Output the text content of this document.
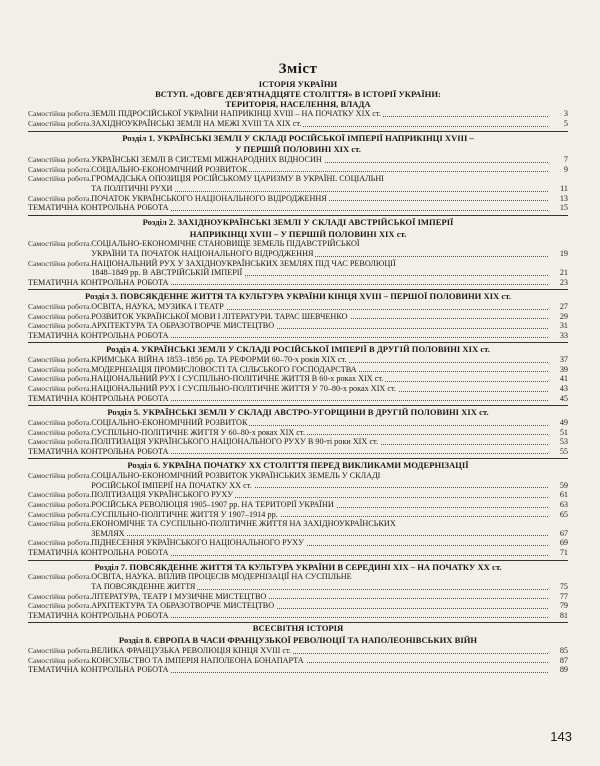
Зміст
ІСТОРІЯ УКРАЇНИ
ВСТУП. «ДОВГЕ ДЕВ'ЯТНАДЦЯТЕ СТОЛІТТЯ» В ІСТОРІЇ УКРАЇНИ:
ТЕРИТОРІЯ, НАСЕЛЕННЯ, ВЛАДА
Самостійна робота. ЗЕМЛІ ПІДРОСІЙСЬКОЇ УКРАЇНИ НАПРИКІНЦІ XVIII – НА ПОЧАТКУ XIX ст.	3
Самостійна робота. ЗАХІДНОУКРАЇНСЬКІ ЗЕМЛІ НА МЕЖІ XVIII ТА XIX ст.	5
Розділ 1. УКРАЇНСЬКІ ЗЕМЛІ У СКЛАДІ РОСІЙСЬКОЇ ІМПЕРІЇ НАПРИКІНЦІ XVIII –
У ПЕРШІЙ ПОЛОВИНІ XIX ст.
Самостійна робота. УКРАЇНСЬКІ ЗЕМЛІ В СИСТЕМІ МІЖНАРОДНИХ ВІДНОСИН	7
Самостійна робота. СОЦІАЛЬНО-ЕКОНОМІЧНИЙ РОЗВИТОК	9
Самостійна робота. ГРОМАДСЬКА ОПОЗИЦІЯ РОСІЙСЬКОМУ ЦАРИЗМУ В УКРАЇНІ. СОЦІАЛЬНІ
ТА ПОЛІТИЧНІ РУХИ	11
Самостійна робота. ПОЧАТОК УКРАЇНСЬКОГО НАЦІОНАЛЬНОГО ВІДРОДЖЕННЯ	13
ТЕМАТИЧНА КОНТРОЛЬНА РОБОТА	15
Розділ 2. ЗАХІДНОУКРАЇНСЬКІ ЗЕМЛІ У СКЛАДІ АВСТРІЙСЬКОЇ ІМПЕРІЇ
НАПРИКІНЦІ XVIII – У ПЕРШІЙ ПОЛОВИНІ XIX ст.
Самостійна робота. СОЦІАЛЬНО-ЕКОНОМІЧНЕ СТАНОВИЩЕ ЗЕМЕЛЬ ПІДАВСТРІЙСЬКОЇ
УКРАЇНИ ТА ПОЧАТОК НАЦІОНАЛЬНОГО ВІДРОДЖЕННЯ	19
Самостійна робота. НАЦІОНАЛЬНИЙ РУХ У ЗАХІДНОУКРАЇНСЬКИХ ЗЕМЛЯХ ПІД ЧАС РЕВОЛЮЦІЇ
1848–1849 рр. В АВСТРІЙСЬКІЙ ІМПЕРІЇ	21
ТЕМАТИЧНА КОНТРОЛЬНА РОБОТА	23
Розділ 3. ПОВСЯКДЕННЕ ЖИТТЯ ТА КУЛЬТУРА УКРАЇНИ КІНЦЯ XVIII – ПЕРШОЇ ПОЛОВИНИ XIX ст.
Самостійна робота. ОСВІТА, НАУКА, МУЗИКА І ТЕАТР	27
Самостійна робота. РОЗВИТОК УКРАЇНСЬКОЇ МОВИ І ЛІТЕРАТУРИ. ТАРАС ШЕВЧЕНКО	29
Самостійна робота. АРХІТЕКТУРА ТА ОБРАЗОТВОРЧЕ МИСТЕЦТВО	31
ТЕМАТИЧНА КОНТРОЛЬНА РОБОТА	33
Розділ 4. УКРАЇНСЬКІ ЗЕМЛІ У СКЛАДІ РОСІЙСЬКОЇ ІМПЕРІЇ В ДРУГІЙ ПОЛОВИНІ XIX ст.
Самостійна робота. КРИМСЬКА ВІЙНА 1853–1856 рр. ТА РЕФОРМИ 60–70-х років XIX ст.	37
Самостійна робота. МОДЕРНІЗАЦІЯ ПРОМИСЛОВОСТІ ТА СІЛЬСЬКОГО ГОСПОДАРСТВА	39
Самостійна робота. НАЦІОНАЛЬНИЙ РУХ І СУСПІЛЬНО-ПОЛІТИЧНЕ ЖИТТЯ В 60-х роках XIX ст.	41
Самостійна робота. НАЦІОНАЛЬНИЙ РУХ І СУСПІЛЬНО-ПОЛІТИЧНЕ ЖИТТЯ У 70–80-х роках XIX ст.	43
ТЕМАТИЧНА КОНТРОЛЬНА РОБОТА	45
Розділ 5. УКРАЇНСЬКІ ЗЕМЛІ У СКЛАДІ АВСТРО-УГОРЩИНИ В ДРУГІЙ ПОЛОВИНІ XIX ст.
Самостійна робота. СОЦІАЛЬНО-ЕКОНОМІЧНИЙ РОЗВИТОК	49
Самостійна робота. СУСПІЛЬНО-ПОЛІТИЧНЕ ЖИТТЯ У 60–80-х роках XIX ст.	51
Самостійна робота. ПОЛІТИЗАЦІЯ УКРАЇНСЬКОГО НАЦІОНАЛЬНОГО РУХУ В 90-ті роки XIX ст.	53
ТЕМАТИЧНА КОНТРОЛЬНА РОБОТА	55
Розділ 6. УКРАЇНА ПОЧАТКУ XX СТОЛІТТЯ ПЕРЕД ВИКЛИКАМИ МОДЕРНІЗАЦІЇ
Самостійна робота. СОЦІАЛЬНО-ЕКОНОМІЧНИЙ РОЗВИТОК УКРАЇНСЬКИХ ЗЕМЕЛЬ У СКЛАДІ
РОСІЙСЬКОЇ ІМПЕРІЇ НА ПОЧАТКУ XX ст.	59
Самостійна робота. ПОЛІТИЗАЦІЯ УКРАЇНСЬКОГО РУХУ	61
Самостійна робота. РОСІЙСЬКА РЕВОЛЮЦІЯ 1905–1907 рр. НА ТЕРИТОРІЇ УКРАЇНИ	63
Самостійна робота. СУСПІЛЬНО-ПОЛІТИЧНЕ ЖИТТЯ У 1907–1914 рр.	65
Самостійна робота. ЕКОНОМІЧНЕ ТА СУСПІЛЬНО-ПОЛІТИЧНЕ ЖИТТЯ НА ЗАХІДНОУКРАЇНСЬКИХ
ЗЕМЛЯХ	67
Самостійна робота. ПІДНЕСЕННЯ УКРАЇНСЬКОГО НАЦІОНАЛЬНОГО РУХУ	69
ТЕМАТИЧНА КОНТРОЛЬНА РОБОТА	71
Розділ 7. ПОВСЯКДЕННЕ ЖИТТЯ ТА КУЛЬТУРА УКРАЇНИ В СЕРЕДИНІ XIX – НА ПОЧАТКУ XX ст.
Самостійна робота. ОСВІТА, НАУКА. ВПЛИВ ПРОЦЕСІВ МОДЕРНІЗАЦІЇ НА СУСПІЛЬНЕ
ТА ПОВСЯКДЕННЕ ЖИТТЯ	75
Самостійна робота. ЛІТЕРАТУРА, ТЕАТР І МУЗИЧНЕ МИСТЕЦТВО	77
Самостійна робота. АРХІТЕКТУРА ТА ОБРАЗОТВОРЧЕ МИСТЕЦТВО	79
ТЕМАТИЧНА КОНТРОЛЬНА РОБОТА	81
ВСЕСВІТНЯ ІСТОРІЯ
Розділ 8. ЄВРОПА В ЧАСИ ФРАНЦУЗЬКОЇ РЕВОЛЮЦІЇ ТА НАПОЛЕОНІВСЬКИХ ВІЙН
Самостійна робота. ВЕЛИКА ФРАНЦУЗЬКА РЕВОЛЮЦІЯ КІНЦЯ XVIII ст.	85
Самостійна робота. КОНСУЛЬСТВО ТА ІМПЕРІЯ НАПОЛЕОНА БОНАПАРТА	87
ТЕМАТИЧНА КОНТРОЛЬНА РОБОТА	89
143
